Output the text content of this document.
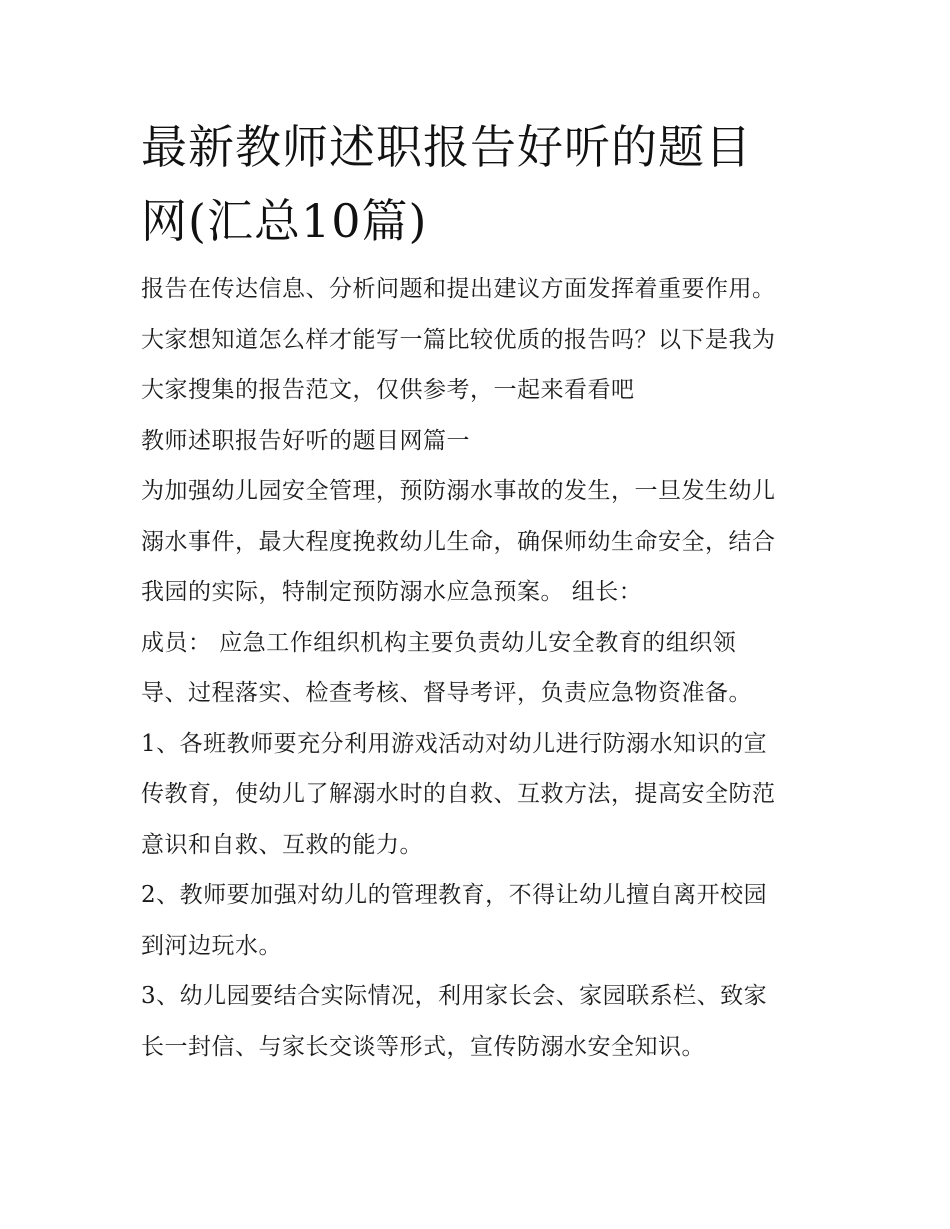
最新教师述职报告好听的题目
网(汇总10篇)

报告在传达信息、分析问题和提出建议方面发挥着重要作用。

大家想知道怎么样才能写一篇比较优质的报告吗？以下是我为

大家搜集的报告范文，仅供参考，一起来看看吧

教师述职报告好听的题目网篇一

为加强幼儿园安全管理，预防溺水事故的发生，一旦发生幼儿

溺水事件，最大程度挽救幼儿生命，确保师幼生命安全，结合

我园的实际，特制定预防溺水应急预案。 组长：

成员： 应急工作组织机构主要负责幼儿安全教育的组织领

导、过程落实、检查考核、督导考评，负责应急物资准备。

1、各班教师要充分利用游戏活动对幼儿进行防溺水知识的宣

传教育，使幼儿了解溺水时的自救、互救方法，提高安全防范

意识和自救、互救的能力。

2、教师要加强对幼儿的管理教育，不得让幼儿擅自离开校园

到河边玩水。

3、幼儿园要结合实际情况，利用家长会、家园联系栏、致家

长一封信、与家长交谈等形式，宣传防溺水安全知识。
